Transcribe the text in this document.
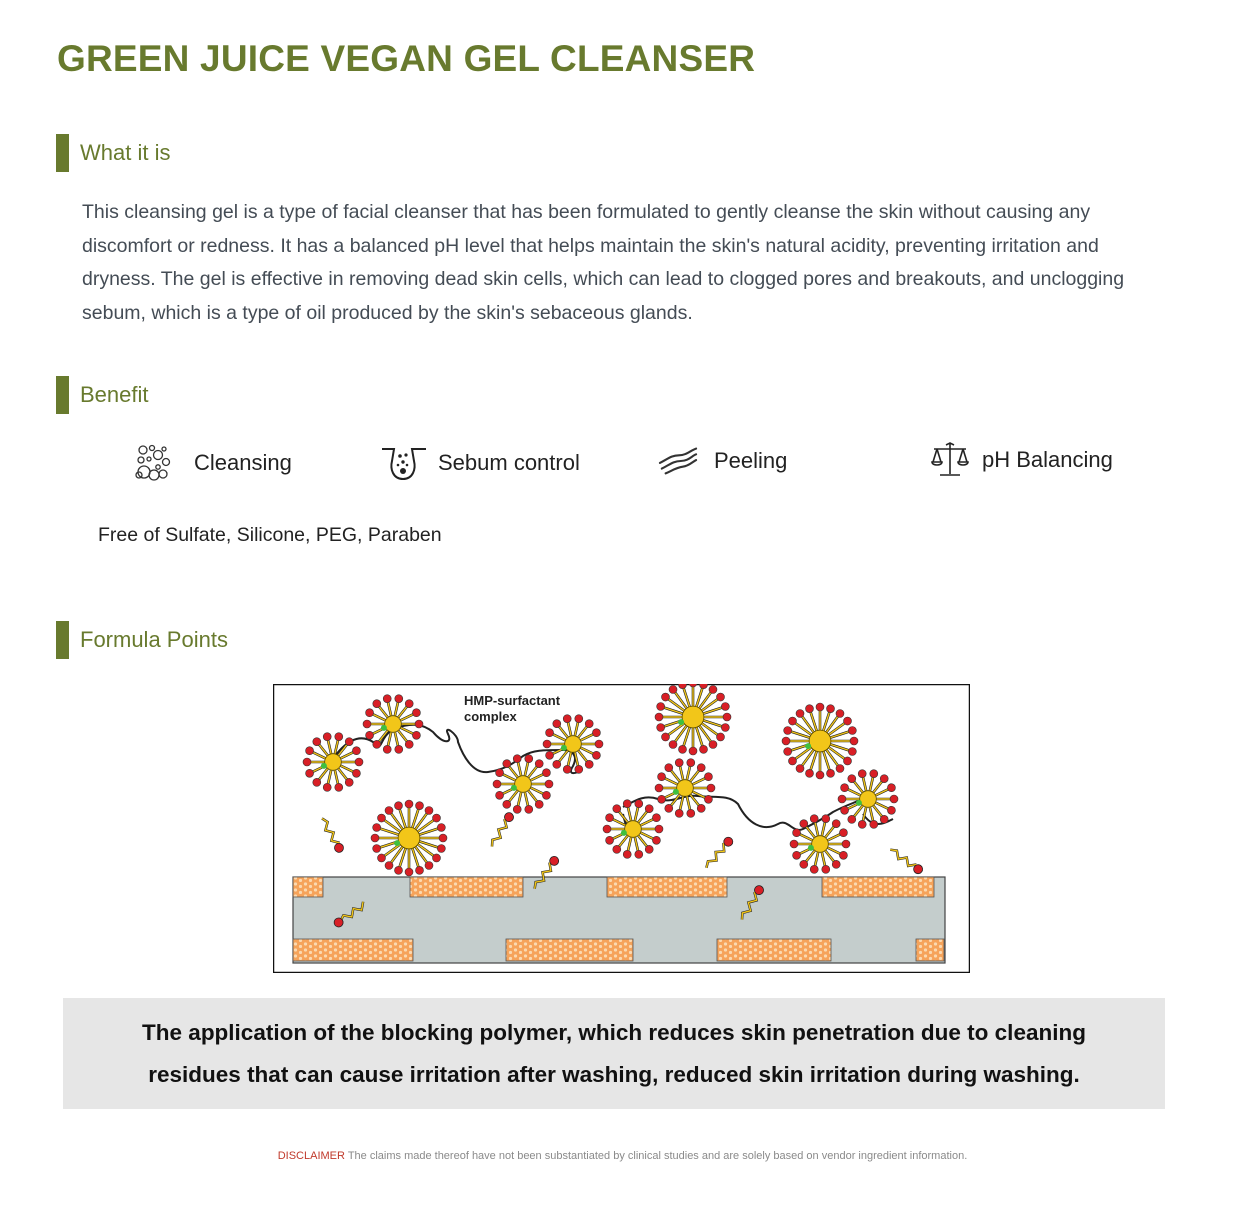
GREEN JUICE VEGAN GEL CLEANSER
What it is

This cleansing gel is a type of facial cleanser that has been formulated to gently cleanse the skin without causing any discomfort or redness. It has a balanced pH level that helps maintain the skin's natural acidity, preventing irritation and dryness. The gel is effective in removing dead skin cells, which can lead to clogged pores and breakouts, and unclogging sebum, which is a type of oil produced by the skin's sebaceous glands.

Benefit
Cleansing	Sebum control	Peeling	pH Balancing
Free of Sulfate, Silicone, PEG, Paraben
Formula Points
HMP-surfactant
complex

The application of the blocking polymer, which reduces skin penetration due to cleaning residues that can cause irritation after washing, reduced skin irritation during washing.

DISCLAIMER The claims made thereof have not been substantiated by clinical studies and are solely based on vendor ingredient information.
